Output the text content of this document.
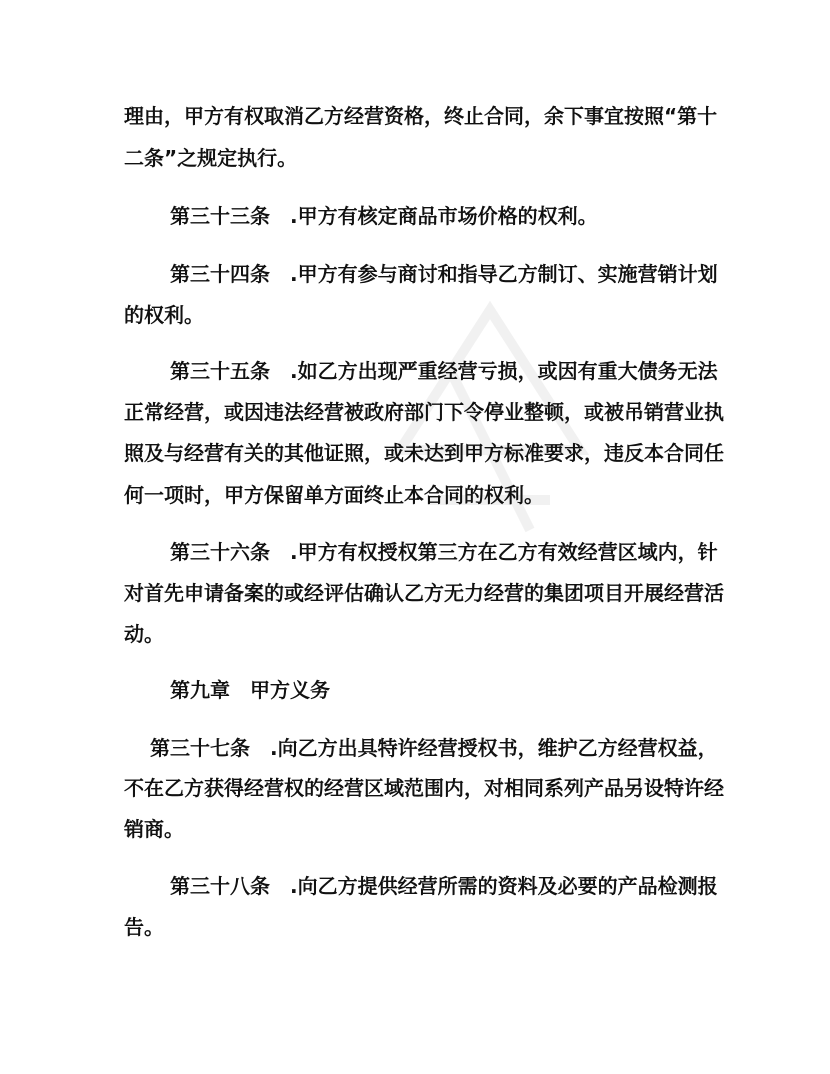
理由，甲方有权取消乙方经营资格，终止合同，余下事宜按照“第十
二条”之规定执行。
第三十三条　.甲方有核定商品市场价格的权利。
第三十四条　.甲方有参与商讨和指导乙方制订、实施营销计划
的权利。
第三十五条　.如乙方出现严重经营亏损，或因有重大债务无法
正常经营，或因违法经营被政府部门下令停业整顿，或被吊销营业执
照及与经营有关的其他证照，或未达到甲方标准要求，违反本合同任
何一项时，甲方保留单方面终止本合同的权利。
第三十六条　.甲方有权授权第三方在乙方有效经营区域内，针
对首先申请备案的或经评估确认乙方无力经营的集团项目开展经营活
动。
第九章　甲方义务
第三十七条　.向乙方出具特许经营授权书，维护乙方经营权益，
不在乙方获得经营权的经营区域范围内，对相同系列产品另设特许经
销商。
第三十八条　.向乙方提供经营所需的资料及必要的产品检测报
告。
